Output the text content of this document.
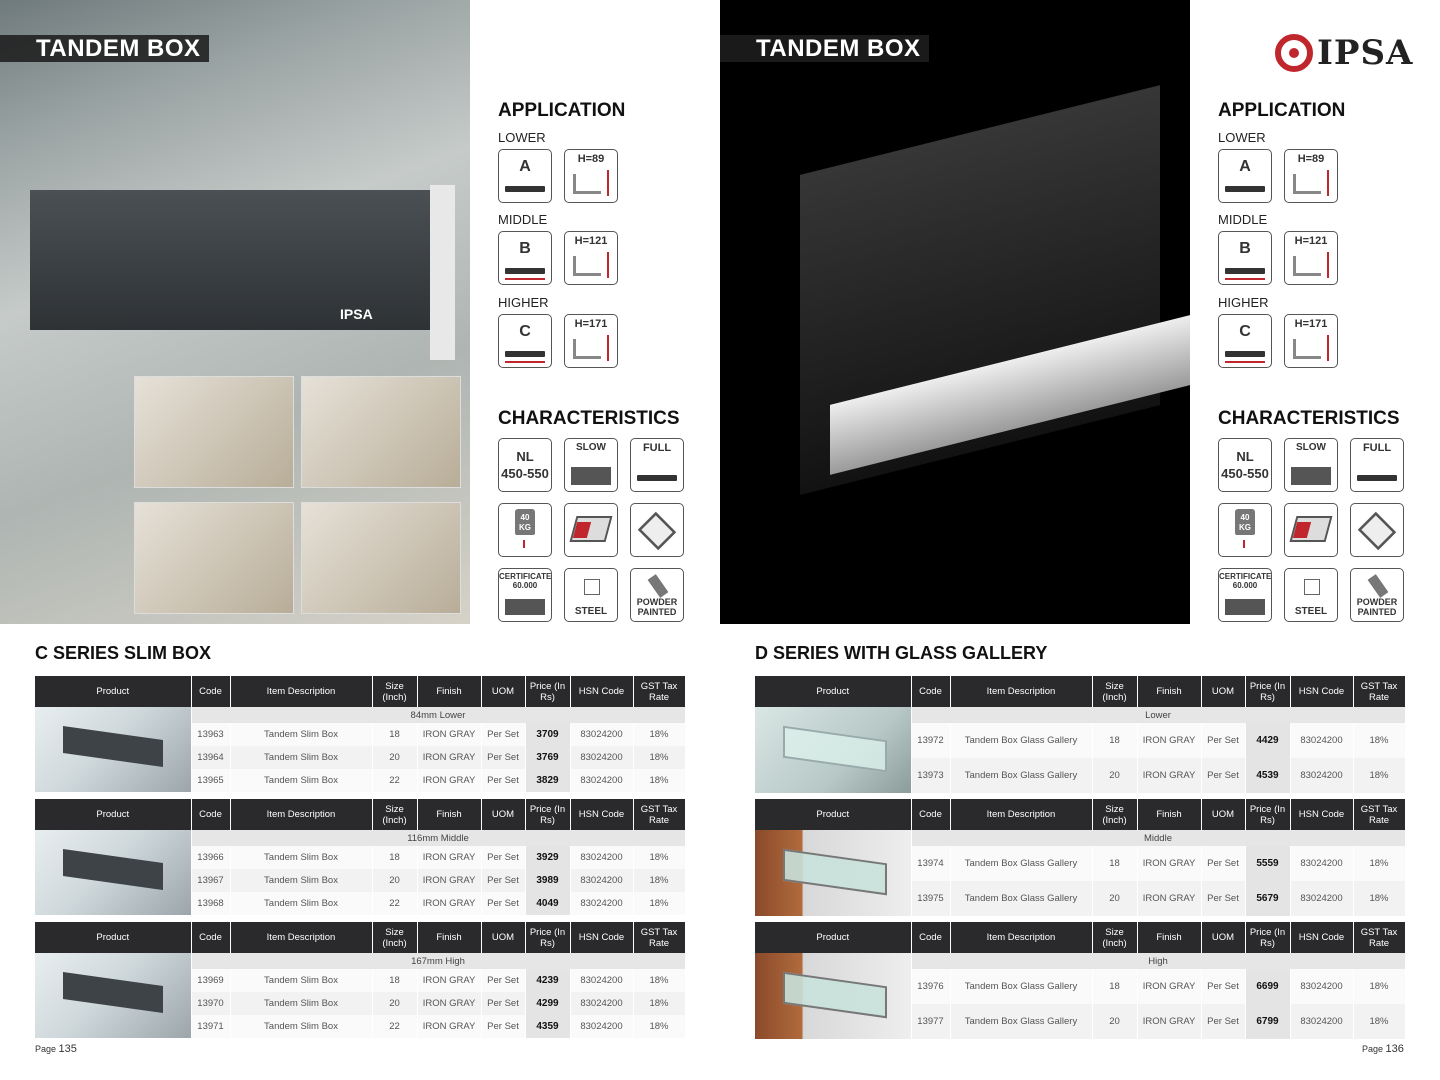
IPSA
TANDEM BOX
APPLICATION
LOWER
A	H=89
MIDDLE
B	H=121
HIGHER
C	H=171
CHARACTERISTICS
NL
450-550
SLOW	FULL
40
KG
CERTIFICATE
60.000
STEEL
POWDER
PAINTED
C SERIES SLIM BOX
Product	Code	Item Description	Size (Inch)	Finish	UOM	Price (In Rs)	HSN Code	GST Tax Rate

	84mm Lower							
	13963	Tandem Slim Box	18	IRON GRAY	Per Set	3709	83024200	18%
	13964	Tandem Slim Box	20	IRON GRAY	Per Set	3769	83024200	18%
	13965	Tandem Slim Box	22	IRON GRAY	Per Set	3829	83024200	18%
Product	Code	Item Description	Size (Inch)	Finish	UOM	Price (In Rs)	HSN Code	GST Tax Rate

	116mm Middle							
	13966	Tandem Slim Box	18	IRON GRAY	Per Set	3929	83024200	18%
	13967	Tandem Slim Box	20	IRON GRAY	Per Set	3989	83024200	18%
	13968	Tandem Slim Box	22	IRON GRAY	Per Set	4049	83024200	18%
Product	Code	Item Description	Size (Inch)	Finish	UOM	Price (In Rs)	HSN Code	GST Tax Rate

	167mm High							
	13969	Tandem Slim Box	18	IRON GRAY	Per Set	4239	83024200	18%
	13970	Tandem Slim Box	20	IRON GRAY	Per Set	4299	83024200	18%
	13971	Tandem Slim Box	22	IRON GRAY	Per Set	4359	83024200	18%
Page 135
TANDEM BOX	IPSA
APPLICATION
LOWER
A	H=89
MIDDLE
B	H=121
HIGHER
C	H=171
CHARACTERISTICS
NL
450-550
SLOW	FULL
40
KG
CERTIFICATE
60.000
STEEL
POWDER
PAINTED
D SERIES WITH GLASS GALLERY
Product	Code	Item Description	Size (Inch)	Finish	UOM	Price (In Rs)	HSN Code	GST Tax Rate

	Lower							
	13972	Tandem Box Glass Gallery	18	IRON GRAY	Per Set	4429	83024200	18%
	13973	Tandem Box Glass Gallery	20	IRON GRAY	Per Set	4539	83024200	18%
Product	Code	Item Description	Size (Inch)	Finish	UOM	Price (In Rs)	HSN Code	GST Tax Rate

	Middle							
	13974	Tandem Box Glass Gallery	18	IRON GRAY	Per Set	5559	83024200	18%
	13975	Tandem Box Glass Gallery	20	IRON GRAY	Per Set	5679	83024200	18%
Product	Code	Item Description	Size (Inch)	Finish	UOM	Price (In Rs)	HSN Code	GST Tax Rate

	High							
	13976	Tandem Box Glass Gallery	18	IRON GRAY	Per Set	6699	83024200	18%
	13977	Tandem Box Glass Gallery	20	IRON GRAY	Per Set	6799	83024200	18%
Page 136
